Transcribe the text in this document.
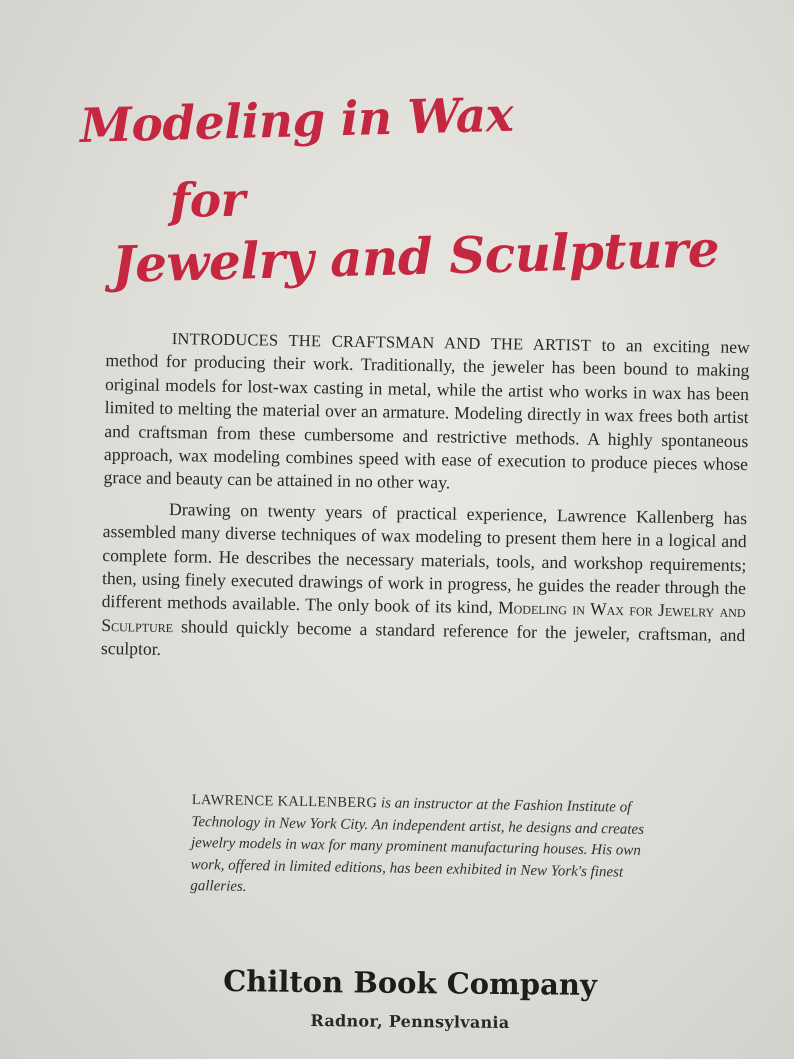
Modeling in Wax
for
Jewelry and Sculpture

INTRODUCES THE CRAFTSMAN AND THE ARTIST to an exciting new method for producing their work. Traditionally, the jeweler has been bound to making original models for lost-wax casting in metal, while the artist who works in wax has been limited to melting the material over an armature. Modeling directly in wax frees both artist and craftsman from these cumbersome and restrictive methods. A highly spontaneous approach, wax modeling combines speed with ease of execution to produce pieces whose grace and beauty can be attained in no other way.

Drawing on twenty years of practical experience, Lawrence Kallenberg has assembled many diverse techniques of wax modeling to present them here in a logical and complete form. He describes the necessary materials, tools, and workshop requirements; then, using finely executed drawings of work in progress, he guides the reader through the different methods available. The only book of its kind, Modeling in Wax for Jewelry and Sculpture should quickly become a standard reference for the jeweler, craftsman, and sculptor.

LAWRENCE KALLENBERG is an instructor at the Fashion Institute of Technology in New York City. An independent artist, he designs and creates jewelry models in wax for many prominent manufacturing houses. His own work, offered in limited editions, has been exhibited in New York's finest galleries.
Chilton Book Company
Radnor, Pennsylvania
